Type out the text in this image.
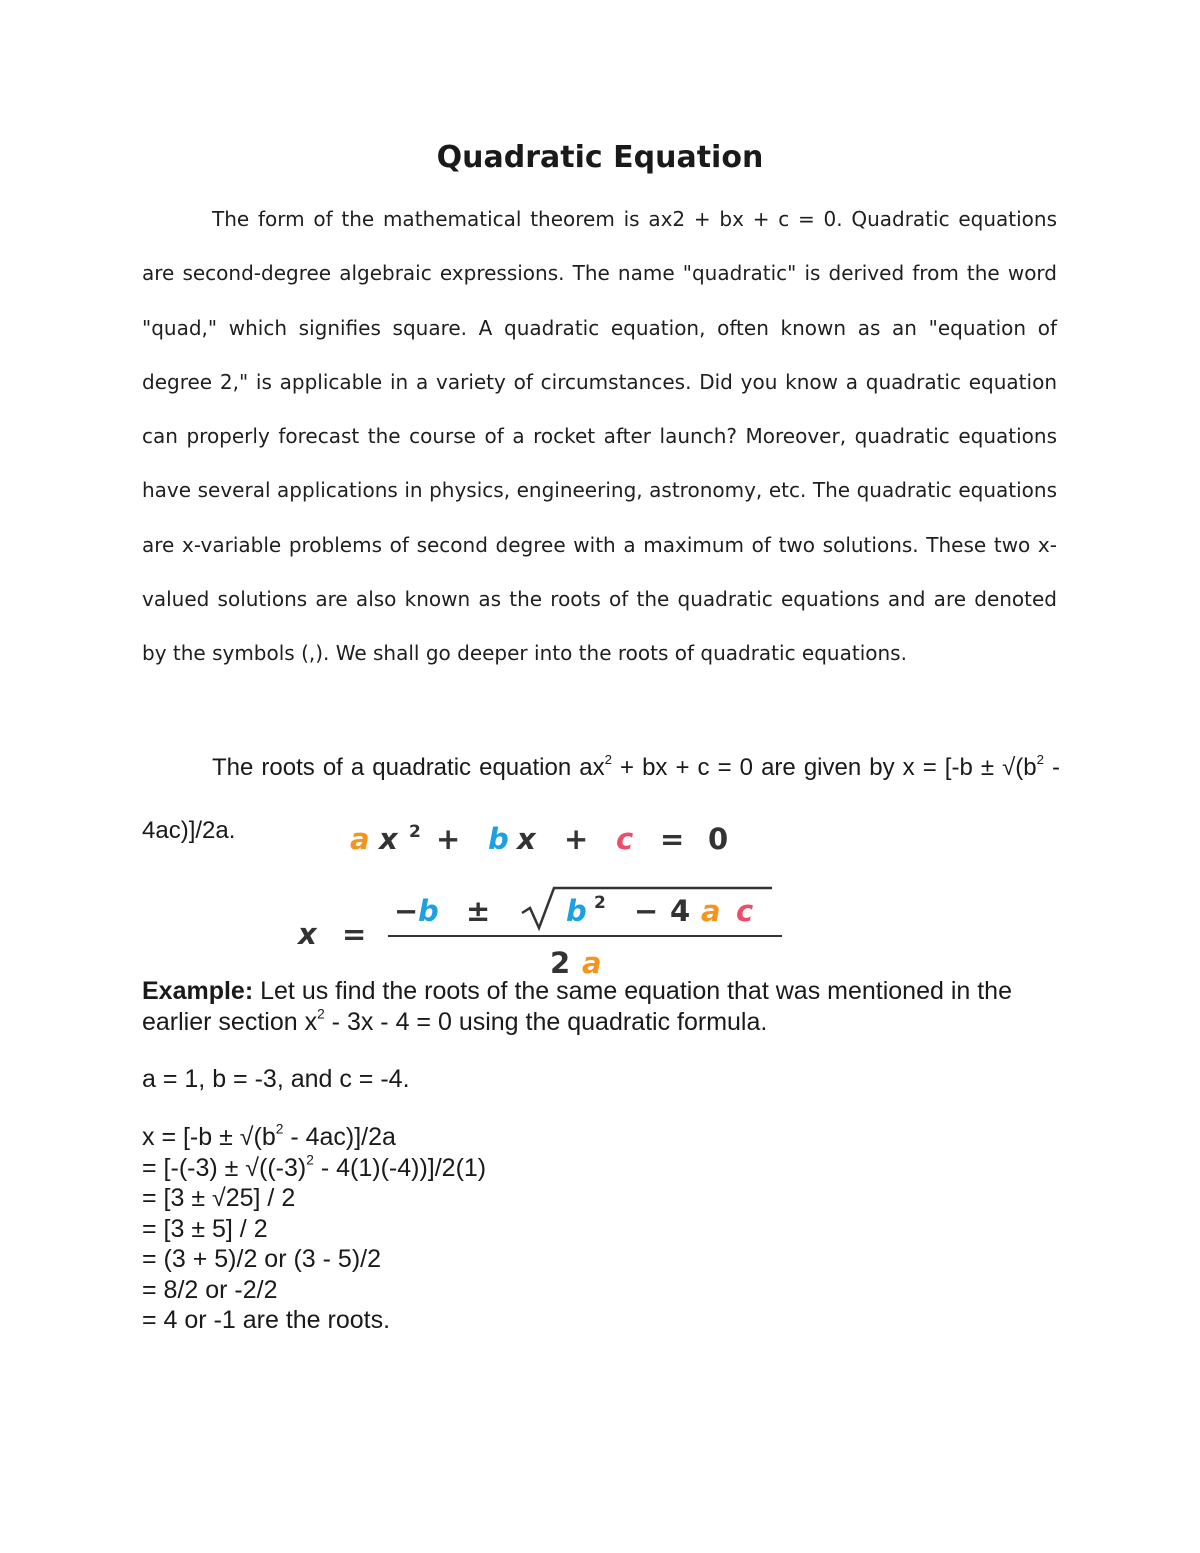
Quadratic Equation

The form of the mathematical theorem is ax2 + bx + c = 0. Quadratic equations are second-degree algebraic expressions. The name "quadratic" is derived from the word "quad," which signifies square. A quadratic equation, often known as an "equation of degree 2," is applicable in a variety of circumstances. Did you know a quadratic equation can properly forecast the course of a rocket after launch? Moreover, quadratic equations have several applications in physics, engineering, astronomy, etc. The quadratic equations are x-variable problems of second degree with a maximum of two solutions. These two x-valued solutions are also known as the roots of the quadratic equations and are denoted by the symbols (,). We shall go deeper into the roots of quadratic equations.

The roots of a quadratic equation $ax^2$ + bx + c = 0 are given by $x = [-b \pm √(b^2 - 4ac)]/2a$.	a x 2 + b x + c = 0
x =
− b ±	b 2 − 4 a c
2 a

Example: Let us find the roots of the same equation that was mentioned in the earlier section $x^2 - 3x - 4 = 0$ using the quadratic formula.

a = 1, b = -3, and c = -4.

$x = [-b \pm √(b^2 - 4ac)]/2a$
= $[-(-3) \pm √((-3)^2 - 4(1)(-4))]/2(1)$
= [3 ± √25] / 2
= [3 ± 5] / 2
= (3 + 5)/2 or (3 - 5)/2
= 8/2 or -2/2
= 4 or -1 are the roots.
